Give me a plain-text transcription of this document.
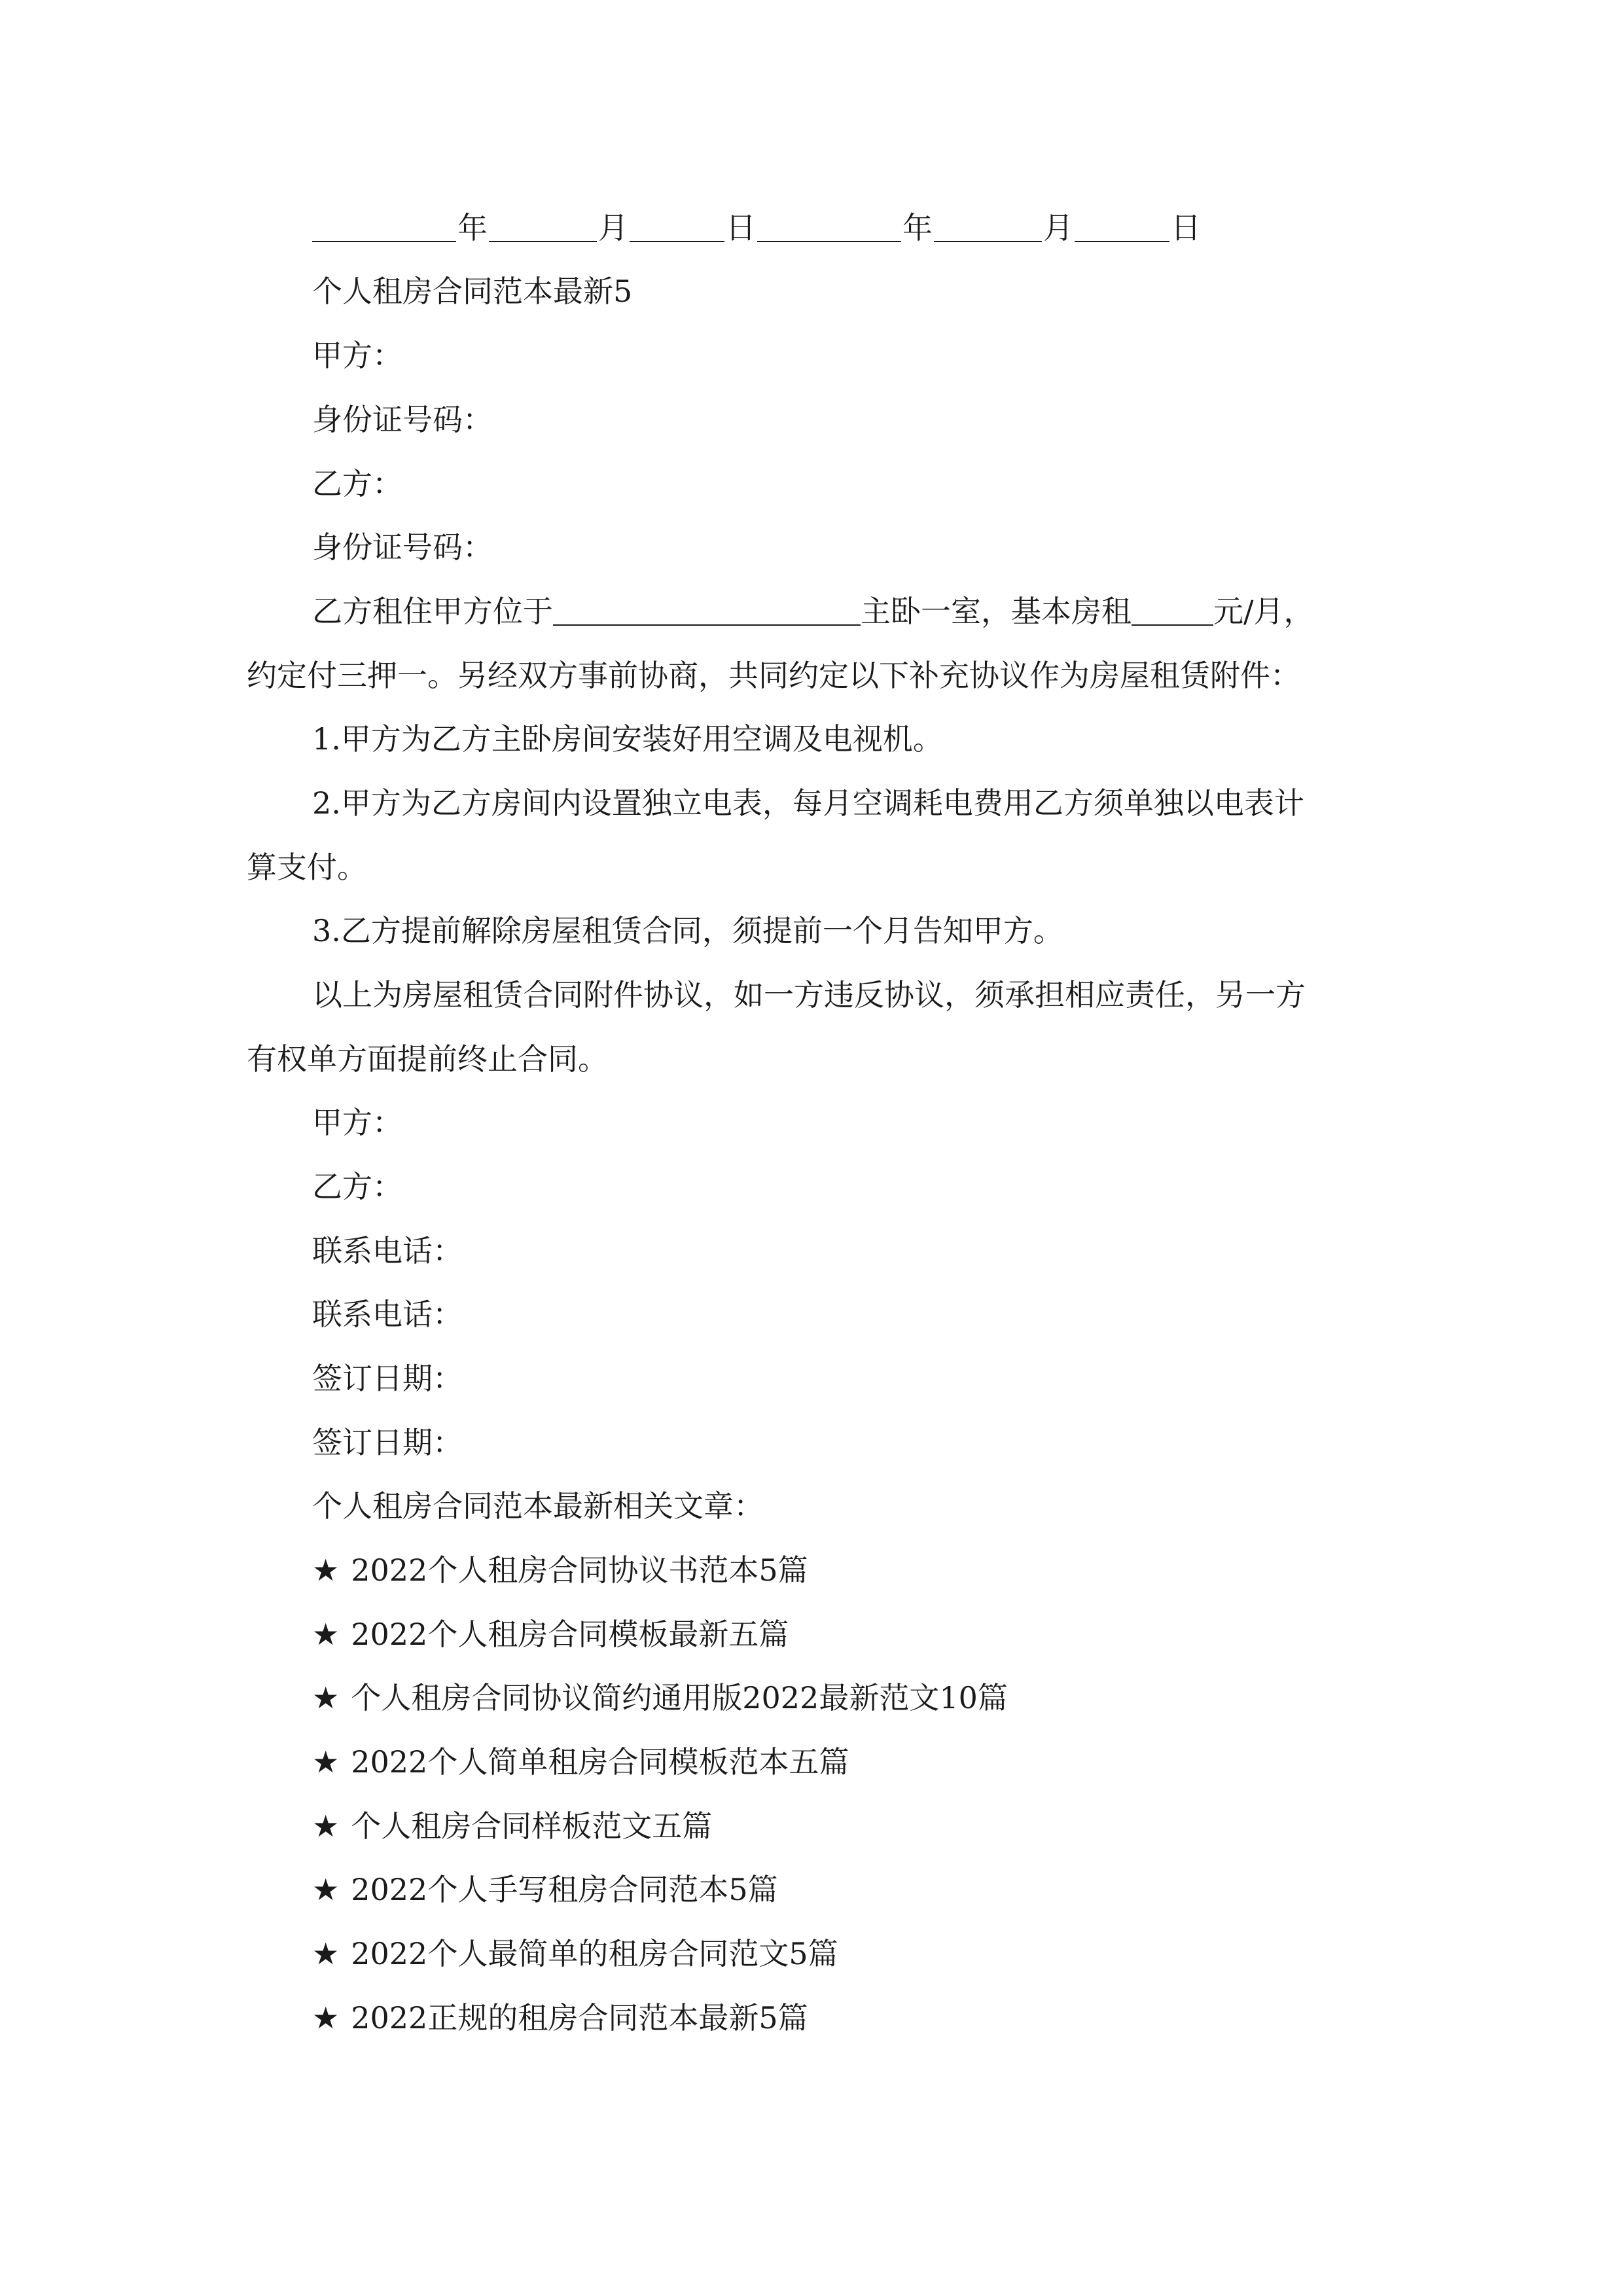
年	月	日	年	月	日
个人租房合同范本最新5
甲方：
身份证号码：
乙方：
身份证号码：
乙方租住甲方位于	主卧一室，基本房租	元/月，
约定付三押一。另经双方事前协商，共同约定以下补充协议作为房屋租赁附件：
1.甲方为乙方主卧房间安装好用空调及电视机。
2.甲方为乙方房间内设置独立电表，每月空调耗电费用乙方须单独以电表计
算支付。
3.乙方提前解除房屋租赁合同，须提前一个月告知甲方。
以上为房屋租赁合同附件协议，如一方违反协议，须承担相应责任，另一方
有权单方面提前终止合同。
甲方：
乙方：
联系电话：
联系电话：
签订日期：
签订日期：
个人租房合同范本最新相关文章：
★ 2022个人租房合同协议书范本5篇
★ 2022个人租房合同模板最新五篇
★ 个人租房合同协议简约通用版2022最新范文10篇
★ 2022个人简单租房合同模板范本五篇
★ 个人租房合同样板范文五篇
★ 2022个人手写租房合同范本5篇
★ 2022个人最简单的租房合同范文5篇
★ 2022正规的租房合同范本最新5篇
